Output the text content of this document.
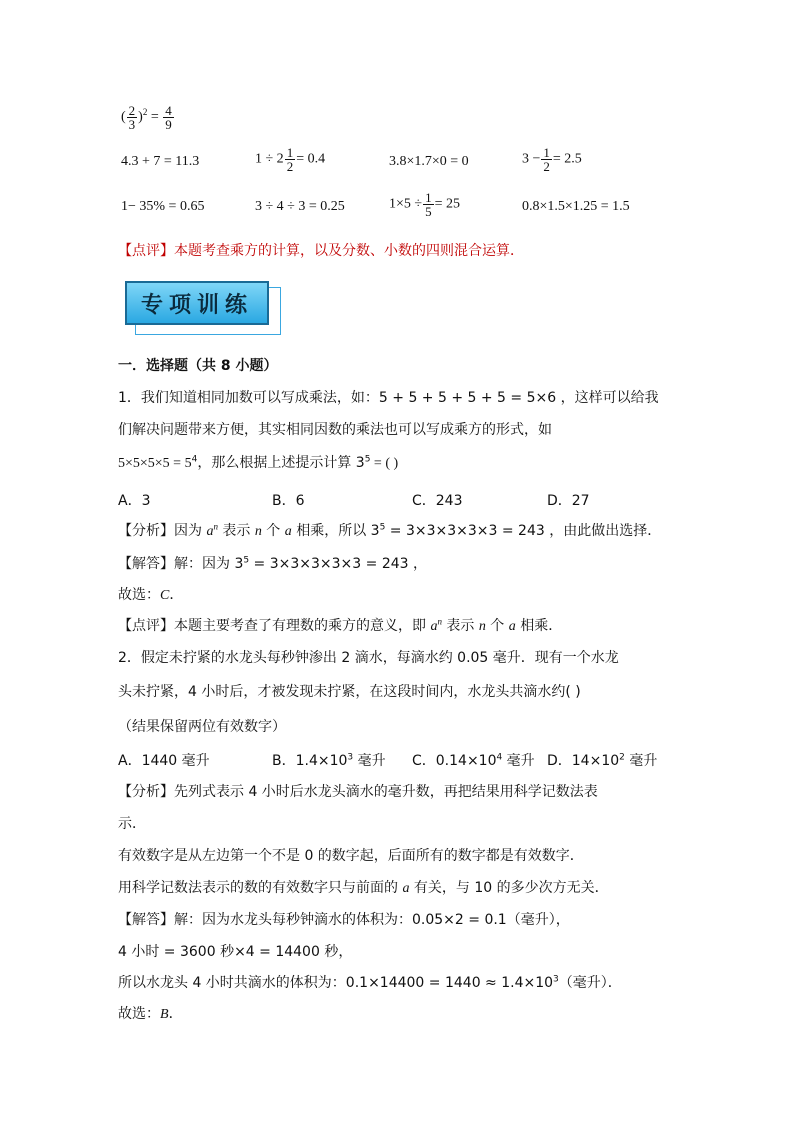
( $\frac{2}{3} )^2 = \frac{4}{9}$
4.3 + 7 = 11.3	$1 \div 2 \frac{1}{2} = 0.4$	3.8×1.7×0 = 0	$3 - \frac{1}{2} = 2.5$
1− 35% = 0.65	3 ÷ 4 ÷ 3 = 0.25	$1\times 5 \div \frac{1}{5} = 25$	0.8×1.5×1.25 = 1.5
【点评】本题考查乘方的计算，以及分数、小数的四则混合运算．
专项训练
一．选择题（共 8 小题）
1．我们知道相同加数可以写成乘法，如：5 + 5 + 5 + 5 + 5 = 5×6 ，这样可以给我
们解决问题带来方便，其实相同因数的乘法也可以写成乘方的形式，如
$5\times 5\times 5\times 5 = 5^4$，那么根据上述提示计算 $3^5$ = ( )
A．3	B．6	C．243	D．27
【分析】因为 $a^n$ 表示 n 个 a 相乘，所以 $3^5 = 3\times 3\times 3\times 3\times 3 = 243$ ，由此做出选择．
【解答】解：因为 $3^5 = 3\times 3\times 3\times 3\times 3 = 243$ ，
故选：C．
【点评】本题主要考查了有理数的乘方的意义，即 $a^n$ 表示 n 个 a 相乘．
2．假定未拧紧的水龙头每秒钟渗出 2 滴水，每滴水约 0.05 毫升．现有一个水龙
头未拧紧，4 小时后，才被发现未拧紧，在这段时间内，水龙头共滴水约( )
（结果保留两位有效数字）
A．1440 毫升	B．$1.4\times 10^3$ 毫升 C．$0.14\times 10^4$ 毫升 D．$14\times 10^2$ 毫升
【分析】先列式表示 4 小时后水龙头滴水的毫升数，再把结果用科学记数法表
示．
有效数字是从左边第一个不是 0 的数字起，后面所有的数字都是有效数字．
用科学记数法表示的数的有效数字只与前面的 a 有关，与 10 的多少次方无关．
【解答】解：因为水龙头每秒钟滴水的体积为：0.05×2 = 0.1（毫升），
4 小时 = 3600 秒×4 = 14400 秒，
所以水龙头 4 小时共滴水的体积为：$0.1\times 14400 = 1440 \approx 1.4\times 10^3$（毫升）．
故选：B．
